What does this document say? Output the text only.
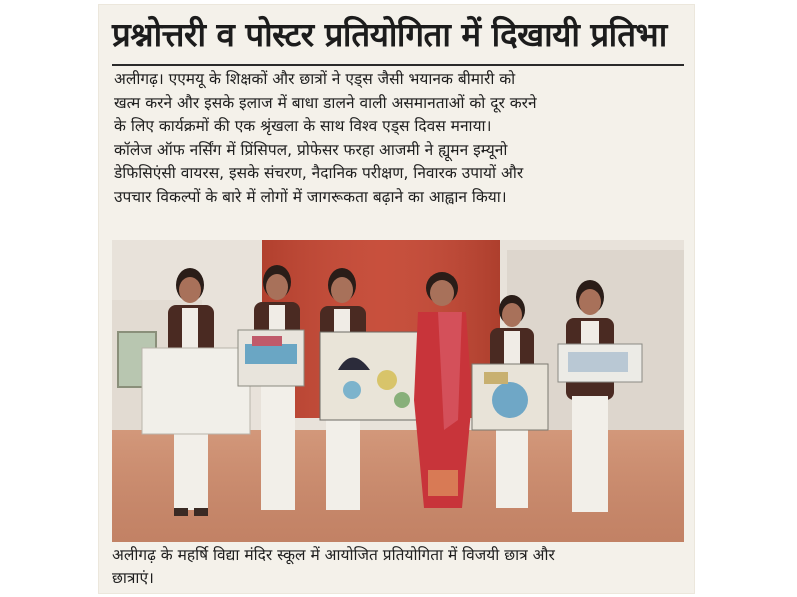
प्रश्नोत्तरी व पोस्टर प्रतियोगिता में दिखायी प्रतिभा
अलीगढ़। एएमयू के शिक्षकों और छात्रों ने एड्स जैसी भयानक बीमारी को
खत्म करने और इसके इलाज में बाधा डालने वाली असमानताओं को दूर करने
के लिए कार्यक्रमों की एक श्रृंखला के साथ विश्व एड्स दिवस मनाया।
कॉलेज ऑफ नर्सिंग में प्रिंसिपल, प्रोफेसर फरहा आजमी ने ह्यूमन इम्यूनो
डेफिसिएंसी वायरस, इसके संचरण, नैदानिक परीक्षण, निवारक उपायों और
उपचार विकल्पों के बारे में लोगों में जागरूकता बढ़ाने का आह्वान किया।
अलीगढ़ के महर्षि विद्या मंदिर स्कूल में आयोजित प्रतियोगिता में विजयी छात्र और
छात्राएं।
